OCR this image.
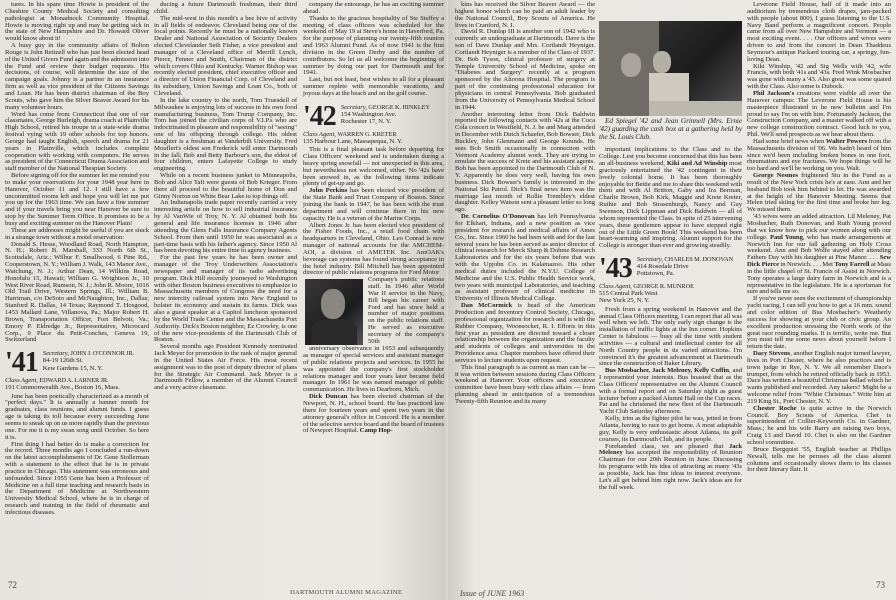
tures. In his spare time Howie is president of the Cheshire County Medical Society and consulting pathologist at Monadnock Community Hospital. Howie is moving right up and may be getting sick in the state of New Hampshire and Dr. Howard Oliver would know about it!

A busy guy in the community affairs of Bolton Rouge is John Reitzell who has just been elected head of the United Givers Fund again and the admission into the Fund and review their budget requests. His decisions, of course, will determine the size of the campaign goals. Johnny is a partner in an insurance firm as well as vice president of the Citizens Savings and Loan. He has been district chairman of the Boy Scouts, who gave him the Silver Beaver Award for his many volunteer hours.

Word has come from Connecticut that one of our classmates, George Burleigh, drama coach at Plainville High School, retired his troupe in a state-wide drama festival vying with 19 other schools for top honors. George had taught English, speech and drama for 21 years in Plainville, which includes complete cooperation with working with computers. He serves as president of the Connecticut Drama Association and staff member of the National Thespian Society.

Before signing off for the summer let me remind you to make your reservations for your 1948 year here in Hanover, October 11 and 12. I still have a few uncommitted rooms left and hope you will let me put you up for the 1963 time. We can have a fine summer and if your travels bring you near Hanover be sure to stop by the Summer Term Office. It promises to be a busy and exciting summer on the Hanover Plain!

These are addresses might be useful if you are stuck in a strange town without a motel reservation:

Donald S. Hesse, Woodland Road, North Hampton, N. H.; Robert B. Marshall, 333 North 6th St., Scottsdale, Ariz.; Wilbur F. Smallwood, 6 Pine Rd., Cooperstown, N. Y.; William J. Walk, 143 Manor Ave., Watchung, N. J.; Arthur Dean, 14 Wilkins Road, Honolulu 15, Hawaii; William G. Wrightson Jr., 10 West River Road, Rumson, N. J.; John R. Moore, 1016 Old Trail Drive, Western Springs, Ill.; William B. Harriman, c/o DeSoto and McNaughton, Inc., Dallas; Stanford R. Dallas, 14 Texas; Raymond T. Hosgood, 1453 Mallard Lane, Villanova, Pa.; Major Robert H. Brown, Transportation Officer, Fort Belvoir, Va.; Emory P. Eldredge Jr., Representative, Microcard Corp., 9 Place du Petit-Conches, Geneva 19, Switzerland

'41 Secretary, JOHN J. O'CONNOR JR.
84-19 126th St.
Kew Gardens 15, N. Y.
Class Agent, EDWARD A. LARNER JR.
191 Commonwealth Ave., Boston 16, Mass.

June has been poetically characterized as a month of "perfect days." It is annually a banner month for graduates, class reunions, and alumni funds. I guess age is taking its toll because every succeeding June seems to sneak up on us more rapidly than the previous one. For me it is my swan song until October. So here it is.

First thing I had better do is make a correction for the record. Three months ago I concluded a run-down on the latest accomplishments of Dr. Gene Stollerman with a statement to the effect that he is in private practice in Chicago. This statement was erroneous and unfounded. Since 1955 Gene has been a Professor of Medicine on a full time teaching and research basis in the Department of Medicine at Northwestern University Medical School, where he is in charge of research and training in the field of rheumatic and infectious diseases.

ducing a future Dartmouth freshman, their third child.

The mid-west in this month's a bee hive of activity in all fields of endeavor. Cleveland being one of the focal points. Recently he must be a nationally known Dealer and National Association of Security Dealers elected Clevelander Seth Fisher, a vice president and manager of a Cleveland office of Merrill Lynch, Pierce, Fenner and Smith, Chairman of the district which covers Ohio and Kentucky. Warner Bishop was recently elected president, chief executive officer and a director of Union Financial Corp. of Cleveland and its subsidiary, Union Savings and Loan Co., both of Cleveland.

In the lake country to the north, Tom Truesdell of Milwaukee is enjoying lots of success in his own food manufacturing business, Tom Trump Company, Inc. Tom has joined the civilian corps of V.I.P.s who are indoctrinated in pleasure and responsibility of "seeing" one of his offspring through college. His oldest daughter is a freshman at Vanderbilt University. Fred Mouflert's oldest son Frederick will enter Dartmouth in the fall; Bob and Betty Barbour's son, the eldest of four children, enters Lafayette College to study engineering.

While on a recent business junket to Minneapolis, Bob and Alice Taft were guests of Bob Krieger. From there all proceed to the beautiful home of Don and Ginny Norton on White Bear Lake to top things off.

An Indianapolis trade paper recently carried a very interesting article on how to sell industrial insurance by Al VanWie of Troy, N. Y. Al obtained both his general and life insurance licenses in 1946 after attending the Glens Falls Insurance Company Agents School. From then until 1950 he was associated as a part-time basis with his father's agency. Since 1950 Al has been devoting his entire time to agency business.

For the past few years he has been owner and manager of the Troy Underwriters Association's newspaper and manager of its radio advertising program. Dick Hill recently journeyed to Washington with other Boston business executives to emphasize to Massachusetts members of Congress the need for a new intercity railroad system into New England to bolster its economy and sustain its farms. Dick was also a guest speaker at a Capitol luncheon sponsored by the World Trade Center and the Massachusetts Port Authority. Dick's Boston neighbor, Ez Crowley, is one of the new vice-presidents of the Dartmouth Club of Boston.

Several months ago President Kennedy nominated Jack Meyer for promotion to the rank of major general in the United States Air Force. His most recent assignment was to the post of deputy director of plans for the Strategic Air Command. Jack Meyer is a Dartmouth Fellow, a member of the Alumni Council and a very active classmate.

company the entourage, he has an exciting summer ahead.

Thanks to the gracious hospitality of Ste Steffey a meeting of class officers was scheduled for the weekend of May 19 at Steve's home in Haverford, Pa. for the purpose of planning our twenty-fifth reunion and 1963 Alumni Fund. As of now 1941 is the first division in the Green Derby and the number of contributors. So let us all welcome the beginning of summer by doing our part for Dartmouth and for 1941.

Last, but not least, best wishes to all for a pleasant summer replete with memorable vacations, and joyous days at the beach and on the golf course.

'42 Secretary, GEORGE K. HINKLEY
154 Washington Ave.
Rochester 17, N. Y.
Class Agent, WARREN G. KRETER
135 Harbour Lane, Massapequa, N. Y.

This is a final pleasant task before departing for Class Officers' weekend and is undertaken during a heavy spring snowfall — not unexpected in this area, but nevertheless not welcomed, either. No '42s have been snowed in, as the following items indicate plenty of get-up and go.

John Perkins has been elected vice president of the State Bank and Trust Company of Boston. Since joining the bank in 1947, he has been with the trust department and will continue there in his new capacity. He is a veteran of the Marine Corps.

Albert Jones Jr. has been elected vice president of the Fisher Foods, Inc., a retail food chain with headquarters in Cleveland, Ohio. Leo Conrad is now manager of national accounts for the AMCHEM-AOI, a division of AMETEK Inc. AmOAK's beverage can systems has found strong acceptance in the hotel industry. Bill Mitchell has been appointed director of public relations programs for Ford Motor

Company's public relations staff. In 1946 after World War II service in the Navy, Bill began his career with Ford and has since held a number of major positions on the public relations staff. He served as executive secretary of the company's 50th

anniversary observance in 1953 and subsequently as manager of special services and assistant manager of public relations projects and services. In 1955 he was appointed the company's first stockholder relations manager and four years later became field manager. In 1961 he was named manager of public communication. He lives in Dearborn, Mich.

Dick Duncan has been elected chairman of the Newport, N. H., school board. He has practiced law there for fourteen years and spent two years in the attorney general's office in Concord. He is a member of the selective service board and the board of trustees of Newport Hospital. Camp Hop-

72
DARTMOUTH ALUMNI MAGAZINE

kins has received the Silver Beaver Award — the highest honor which can be paid an adult leader by the National Council, Boy Scouts of America. He lives in Cranford, N. J.

David R. Dunlap III is another son of 1942 who is currently an undergraduate at Dartmouth. Dave is the son of Dave Dunlap and Mrs. Cortlandt Heyniger. Cortlandt Heyniger is a member of the Class of 1937. Dr. Bob Tyson, clinical professor of surgery at Temple University School of Medicine, spoke on "Diabetes and Surgery" recently at a program sponsored by the Altoona Hospital. The program is part of the continuing professional education for physicians in central Pennsylvania. Bob graduated from the University of Pennsylvania Medical School in 1944.

Another interesting letter from Dick Baldwin reported the following contacts with '42s at the Coca Cola concert in Westfield, N. J. he and Marg attended in December with Dutch Schaefer, Bob Bowser, Dick Buckley, John Glenmann and George Kounds. He sees Bob Smith occasionally in connection with Vermont Academy alumni work. They are trying to emulate the success of Krete and his assistant agents. Bob has been appointed to the Dartmouth Club of N. Y. Apparently he does very well, having his own business. Dick Bowser's family is interested in the National Ski Patrol. Dick's final news item was the marriage last month of Rollie Trembley's eldest daughter. Kelley Watson sent a pleasant letter so long ago.

Dr. Cornelius O'Donovan has left Pennsylvania for Elkhart, Indiana, and a new position as vice president for research and medical affairs of Ames Co., Inc. Since 1960 he had been with and for the last several years he has been served as senior director of clinical research for Merck Sharp & Dohme Research Laboratories and for the six years before that was with the Upjohn Co. in Kalamazoo. His other medical duties included the N.Y.U. College of Medicine and the U.S. Public Health Service work, two years with municipal Laboratories, and teaching as assistant professor of clinical medicine in University of Illinois Medical College.

Dan McCormick is head of the American Production and Inventory Control Society, Chicago, professional organization for research and is with the Rubber Company, Woonsocket, R. I. Efforts in this first year as president are directed toward a closer relationship between the organization and the faculty and students of colleges and universities in the Providence area. Chapter members have offered their services to lecture students upon request.

This final paragraph is as current as man can be — it was written between sessions during Class Officers weekend at Hanover. Your officers and executive committee have been busy with class affairs — from planning ahead in anticipation of a tremendous Twenty-fifth Reunion and its many

Ed Spiegel '42 and Jean Grinnell (Mrs. Ernie '42) guarding the cash box at a gathering held by the St. Louis Club.

important implications to the Class and to the College. Lest you become concerned that this has been an all-business weekend, Kiki and Ad Winship most graciously entertained the '42 contingent in their lovely colonial home. It has been thoroughly enjoyable for Bettie and me to share this weekend with them and with Al Britton, Gaby and Ira Berman, Charlie Brown, Bob Kirk, Maggie and Krete Kreter, Ruthie and Bob Strasenburgh, Nancy and Guy Swenson, Dick Lippman and Dick Baldwin — all of whom represented the Class. In spite of 25 intervening years, these gentlemen appear to have stepped right out of the Little Green Book! This weekend has been heart-warming and inspiring. Alumni support for the College is stronger than ever and growing steadily.

'43 Secretary, CHARLES M. DONOVAN
414 Rosedale Drive
Pottstown, Pa.
Class Agent, GEORGE R. MUNROE
515 Central Park West
New York 25, N. Y.

Fresh from a spring weekend in Hanover and the annual Class Officers meeting, I can report that all was well when we left. The only early sign change is the installation of traffic lights at the Inn corner. Hopkins Center is fabulous — busy all the time with student activities — a cultural and intellectual center for all North Country people in its varied attractions. I'm convinced it's the greatest advancement at Dartmouth since the construction of Baker Library.

Bus Mosbacher, Jack Meleney, Kelly Coffin, and I represented your interests. Bus boasted that as the Class Officers' representative on the Alumni Council with a formal report and on Saturday night as guest lecturer before a packed Alumni Hall on the Cup races. Pat and he christened the new fleet of the Dartmouth Yacht Club Saturday afternoon.

Kelly, trim as the fighter pilot he was, jetted in from Atlanta, having to race to get home. A most adaptable guy, Kelly is very enthusiastic about Atlanta, its golf courses, its Dartmouth Club, and its people.

Forehanded class, we are pleased that Jack Meleney has accepted the responsibility of Reunion Chairman for our 20th Reunion in June. Discussing his programs with his idea of attracting as many '43s as possible, Jack has fine ideas to interest everyone. Let's all get behind him right now. Jack's ideas are for the full week.

Leverone Field House, half of it made into an auditorium by tremendous cloth drapes, jam-packed with people (about 800), I guess listening to the U.S. Navy Band perform a magnificent concert. People came from all over New Hampshire and Vermont — a most exciting event. . . . Our officers and wives were driven to and from the concert in Dean Thaddeus Seymour's antique Packard touring car, a springy, fun-loving Dean.

Kiki Winship, '42 and Sig Wells with '42, wife Francis, with both '41s and '43s. Fred Wink Mosbacher was gone with many a '43. Also great was some quated with the Class. Also some is Dubock.

Phil Jackson's creations were visible all over the Hanover campus: The Leverone Field House is his masterpiece illustrated in he new bulletin and I'm proud to say I'm on with him. Fortunately Jackson, the Construction Company, and a master walked off with a new college construction contract. Good luck to you, Phil. We'll send prospects as we hear about them.

Had some brief news when Walter Powers from the Massachusetts division of '06. We hadn't heard of him since we'd been including broken bones in one foot, rheumatism and eye fractures. We hope things will be too hard and we'll be working on you. Walt.

George Nesmes frightened Stu in the Fund as a result of the New York crisis he's at ease. Ann and her husband Bob took him behind to let. He was awarded at the height of the Hanover Meeting. Seems that Helen tried skiing for the first time and broke her leg. We missed them.

'43 wives were an added attraction. Lil Meleney, Pat Mosbacher, Ruth Donovan, and Ruth Young proved that we know how to pick our women along with our college. Paul Young, who has made arrangements at Norwich Inn for our fall gathering on Holy Cross weekend. Ann and Bob Wolfe stayed after attending Fathers Day with his daughter at Pine Manor. . . . Sew Dick Pierce in Norwich. . . . Met Tony Farrell at Mass in the little chapel of St. Francis of Assisi in Norwich. Tony operates a large dairy farm in Norwich and is a representative in the legislature. He is a sportsman for sure and tells me so.

If you've never seen the excitement of championship yacht racing, I can tell you how to get a 16 mm. sound and color edition of Bus Mosbacher's Weatherly success for showing at your club or civic group. An excellent production stressing the North work of the great race rounding marks. It is terrific, write me. But you must tell me some news about yourself before I return the date.

Dacy Stevens, another English major turned lawyer, lives in Port Chester, where he also practices and is town judge in Rye, N. Y. We all remember Dace's trumpet, from which he retired officially back in 1953. Dace has written a beautiful Christmas ballad which he wants published and recorded. Any takers? Might be a welcome relief from "White Christmas." Write him at 219 King St., Port Chester, N. Y.

Chester Roche is quite active in the Norwich Council. Boy Scouts of America. Chet is superintendent of Collier-Keyworth Co. in Gardner, Mass.; he and his wife Barry are raising two boys, Craig 13 and David 10. Chet is also on the Gardner school committee.

Bruce Bergquist '55, English teacher at Phillips Newall, tells me he peruses all the class alumni columns and occasionally shows them to his classes for their literary flair. It

73
Issue of JUNE 1963
